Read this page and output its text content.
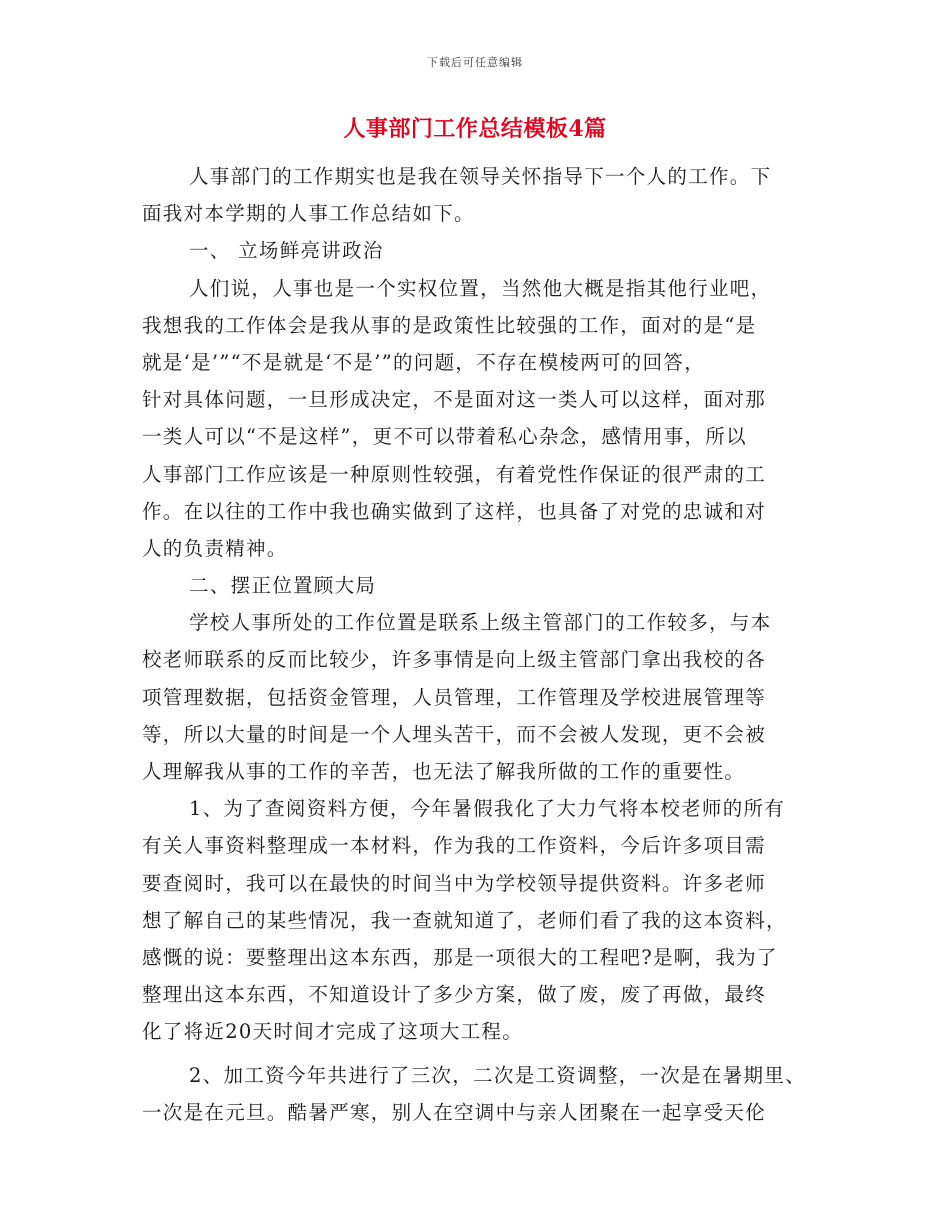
下载后可任意编辑
人事部门工作总结模板4篇
人事部门的工作期实也是我在领导关怀指导下一个人的工作。下
面我对本学期的人事工作总结如下。
一、 立场鲜亮讲政治
人们说，人事也是一个实权位置，当然他大概是指其他行业吧，
我想我的工作体会是我从事的是政策性比较强的工作，面对的是“是
就是‘是’”“不是就是‘不是’”的问题，不存在模棱两可的回答，
针对具体问题，一旦形成决定，不是面对这一类人可以这样，面对那
一类人可以“不是这样”，更不可以带着私心杂念，感情用事，所以
人事部门工作应该是一种原则性较强，有着党性作保证的很严肃的工
作。在以往的工作中我也确实做到了这样，也具备了对党的忠诚和对
人的负责精神。
二、摆正位置顾大局
学校人事所处的工作位置是联系上级主管部门的工作较多，与本
校老师联系的反而比较少，许多事情是向上级主管部门拿出我校的各
项管理数据，包括资金管理，人员管理，工作管理及学校进展管理等
等，所以大量的时间是一个人埋头苦干，而不会被人发现，更不会被
人理解我从事的工作的辛苦，也无法了解我所做的工作的重要性。
1、为了查阅资料方便，今年暑假我化了大力气将本校老师的所有
有关人事资料整理成一本材料，作为我的工作资料，今后许多项目需
要查阅时，我可以在最快的时间当中为学校领导提供资料。许多老师
想了解自己的某些情况，我一查就知道了，老师们看了我的这本资料，
感慨的说：要整理出这本东西，那是一项很大的工程吧?是啊，我为了
整理出这本东西，不知道设计了多少方案，做了废，废了再做，最终
化了将近20天时间才完成了这项大工程。
2、加工资今年共进行了三次，二次是工资调整，一次是在暑期里、
一次是在元旦。酷暑严寒，别人在空调中与亲人团聚在一起享受天伦
